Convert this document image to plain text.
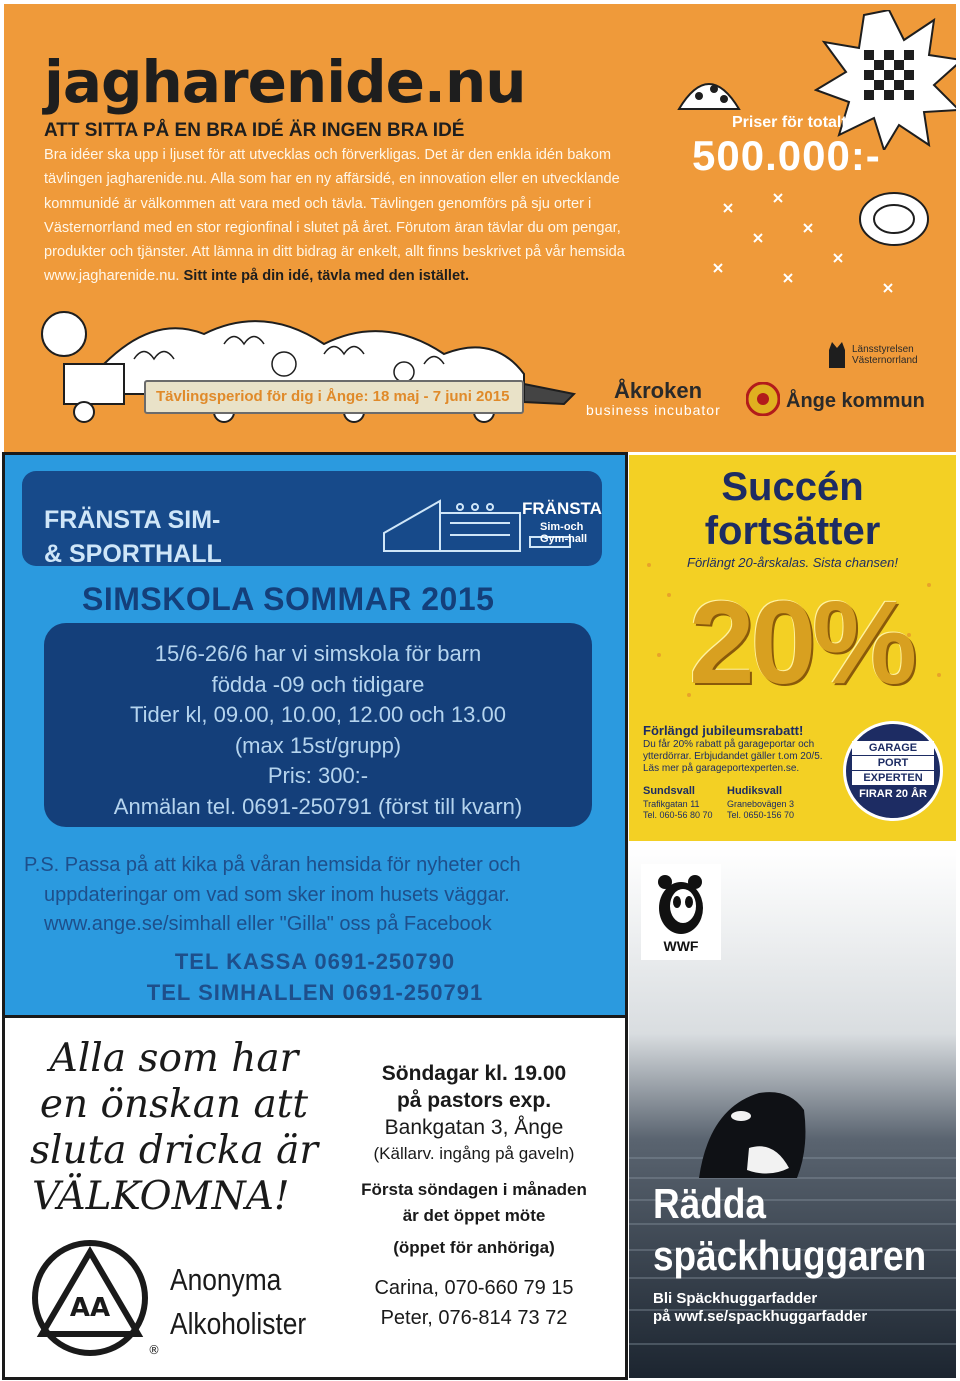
jagharenide.nu
ATT SITTA PÅ EN BRA IDÉ ÄR INGEN BRA IDÉ
Bra idéer ska upp i ljuset för att utvecklas och förverkligas. Det är den enkla idén bakom tävlingen jagharenide.nu. Alla som har en ny affärsidé, en innovation eller en utvecklande kommunidé är välkommen att vara med och tävla. Tävlingen genomförs på sju orter i Västernorrland med en stor regionfinal i slutet på året. Förutom äran tävlar du om pengar, produkter och tjänster. Att lämna in ditt bidrag är enkelt, allt finns beskrivet på vår hemsida www.jagharenide.nu. Sitt inte på din idé, tävla med den istället.
Priser för totalt
500.000:-
Tävlingsperiod för dig i Ånge: 18 maj - 7 juni 2015	Åkroken
business incubator	Ånge kommun
Länsstyrelsen Västernorrland
FRÄNSTA SIM-
& SPORTHALL
FRÄNSTA
Sim-och
Gym-hall
SIMSKOLA SOMMAR 2015
15/6-26/6 har vi simskola för barn
födda -09 och tidigare
Tider kl, 09.00, 10.00, 12.00 och 13.00
(max 15st/grupp)
Pris: 300:-
Anmälan tel. 0691-250791 (först till kvarn)
P.S. Passa på att kika på våran hemsida för nyheter och
uppdateringar om vad som sker inom husets väggar.
www.ange.se/simhall eller "Gilla" oss på Facebook
TEL KASSA 0691-250790
TEL SIMHALLEN 0691-250791
Succén
fortsätter
Förlängt 20-årskalas. Sista chansen!
20%
Förlängd jubileumsrabatt!
Du får 20% rabatt på garageportar och ytterdörrar. Erbjudandet gäller t.om 20/5. Läs mer på garageportexperten.se.
Sundsvall
Trafikgatan 11
Tel. 060-56 80 70
Hudiksvall
Granebovägen 3
Tel. 0650-156 70
GARAGE
PORT
EXPERTEN
FIRAR 20 ÅR
Alla som har
en önskan att
sluta dricka är
VÄLKOMNA!
AA
®
Anonyma
Alkoholister
Söndagar kl. 19.00
på pastors exp.
Bankgatan 3, Ånge
(Källarv. ingång på gaveln)
Första söndagen i månaden
är det öppet möte
(öppet för anhöriga)
Carina, 070-660 79 15
Peter, 076-814 73 72
WWF
Rädda
späckhuggaren
Bli Späckhuggarfadder
på wwf.se/spackhuggarfadder
